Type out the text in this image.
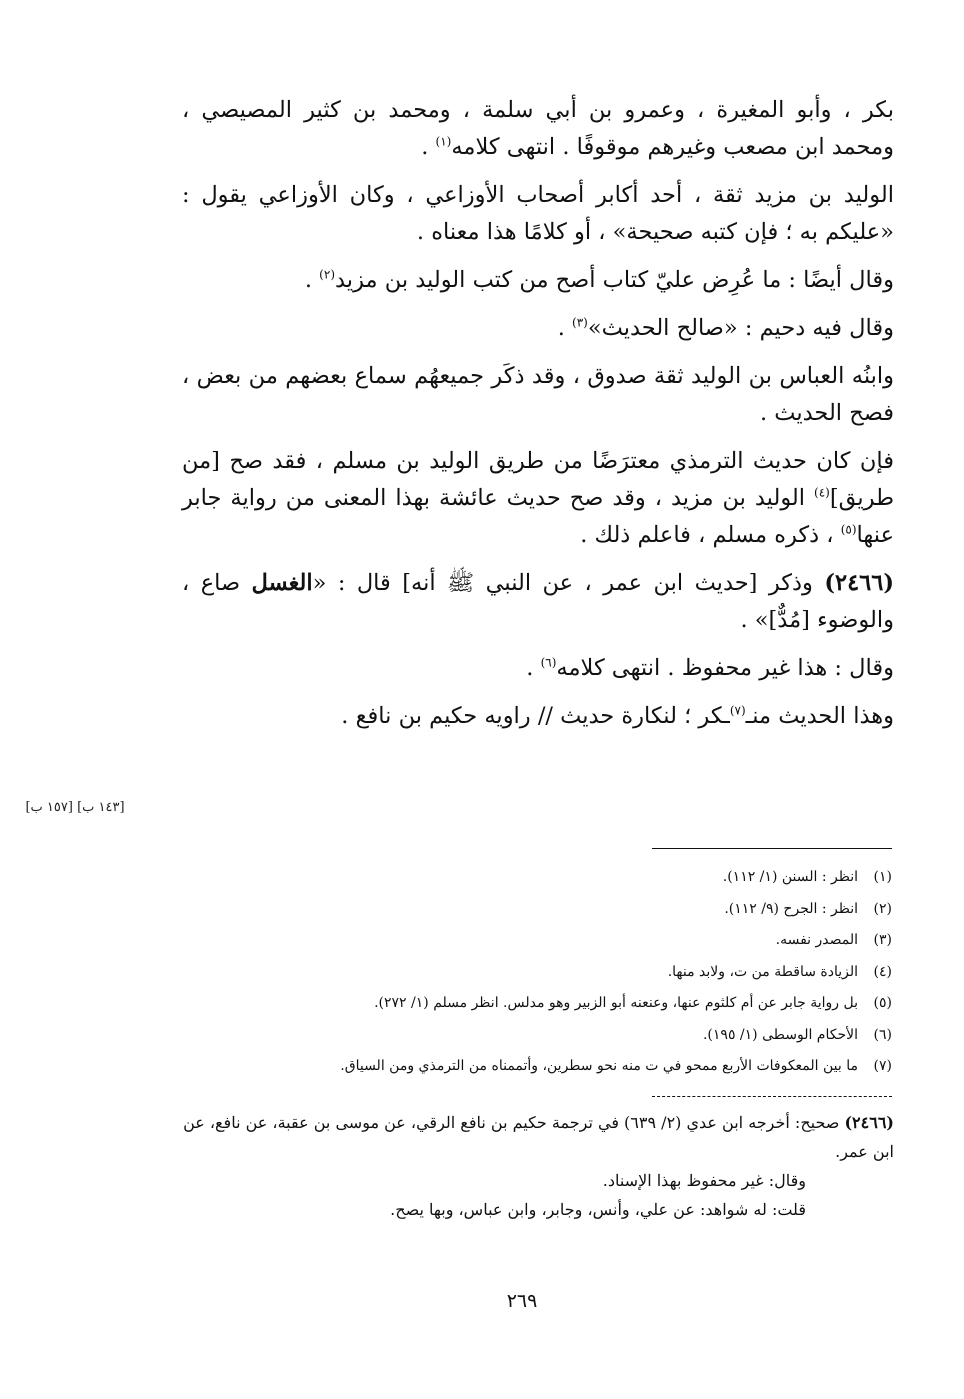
بكر ، وأبو المغيرة ، وعمرو بن أبي سلمة ، ومحمد بن كثير المصيصي ، ومحمد ابن مصعب وغيرهم موقوفًا . انتهى كلامه$^{(١)}$ .

الوليد بن مزيد ثقة ، أحد أكابر أصحاب الأوزاعي ، وكان الأوزاعي يقول : «عليكم به ؛ فإن كتبه صحيحة» ، أو كلامًا هذا معناه .

وقال أيضًا : ما عُرِض عليّ كتاب أصح من كتب الوليد بن مزيد$^{(٢)}$ .

وقال فيه دحيم : «صالح الحديث»$^{(٣)}$ .

وابنُه العباس بن الوليد ثقة صدوق ، وقد ذكَر جميعهُم سماع بعضهم من بعض ، فصح الحديث .

فإن كان حديث الترمذي معترَضًا من طريق الوليد بن مسلم ، فقد صح [من طريق]$^{(٤)}$ الوليد بن مزيد ، وقد صح حديث عائشة بهذا المعنى من رواية جابر عنها$^{(٥)}$ ، ذكره مسلم ، فاعلم ذلك .

(٢٤٦٦) وذكر [حديث ابن عمر ، عن النبي ﷺ أنه] قال : «الغسل صاع ، والوضوء [مُدٌّ]» .

وقال : هذا غير محفوظ . انتهى كلامه$^{(٦)}$ .

وهذا الحديث منـ$^{(٧)}$ـكر ؛ لنكارة حديث // راويه حكيم بن نافع .

[١٤٣ ب] [١٥٧ ب]
(١)انظر : السنن (١/ ١١٢).
(٢)انظر : الجرح (٩/ ١١٢).
(٣)المصدر نفسه.
(٤)الزيادة ساقطة من ت، ولابد منها.
(٥)بل رواية جابر عن أم كلثوم عنها، وعنعنه أبو الزبير وهو مدلس. انظر مسلم (١/ ٢٧٢).
(٦)الأحكام الوسطى (١/ ١٩٥).
(٧)ما بين المعكوفات الأربع ممحو في ت منه نحو سطرين، وأتممناه من الترمذي ومن السياق.

(٢٤٦٦) صحيح: أخرجه ابن عدي (٢/ ٦٣٩) في ترجمة حكيم بن نافع الرقي، عن موسى بن عقبة، عن نافع، عن ابن عمر.

وقال: غير محفوظ بهذا الإسناد.

قلت: له شواهد: عن علي، وأنس، وجابر، وابن عباس، وبها يصح.

٢٦٩
